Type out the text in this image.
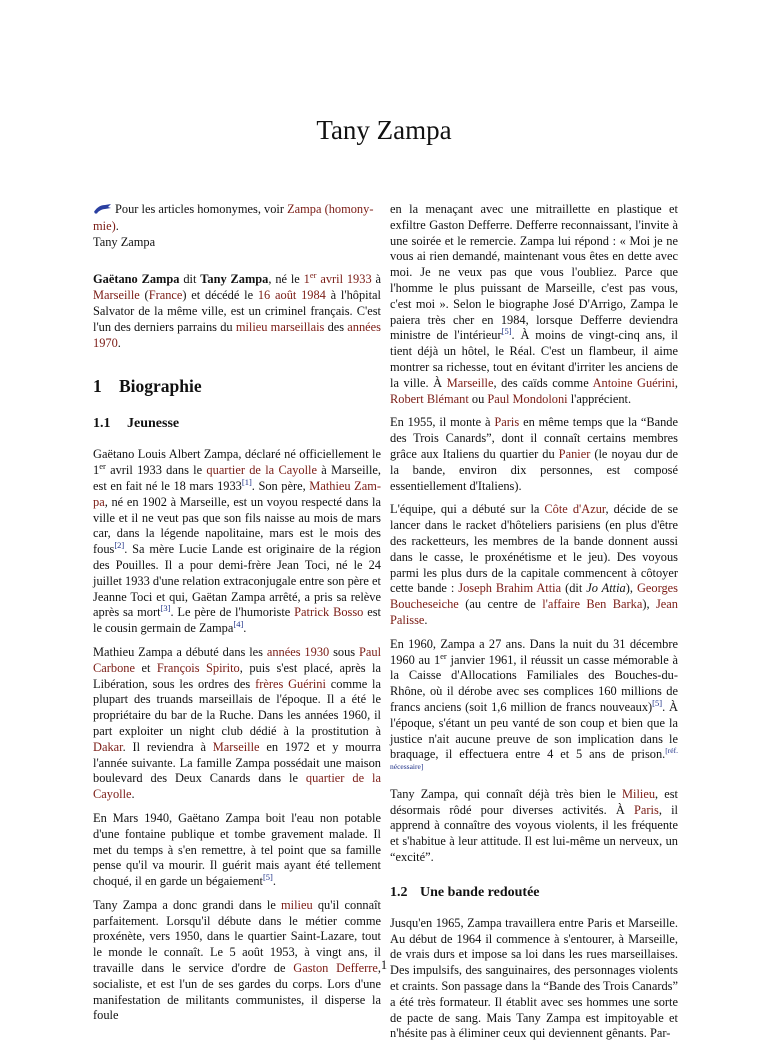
Tany Zampa

Pour les articles homonymes, voir Zampa (homony-mie).

Tany Zampa

Gaëtano Zampa dit Tany Zampa, né le 1er avril 1933 à Marseille (France) et décédé le 16 août 1984 à l'hôpital Salvator de la même ville, est un criminel français. C'est l'un des derniers parrains du milieu marseillais des années 1970.

1 Biographie
1.1 Jeunesse

Gaëtano Louis Albert Zampa, déclaré né officiellement le 1er avril 1933 dans le quartier de la Cayolle à Marseille, est en fait né le 18 mars 1933[1]. Son père, Mathieu Zam-pa, né en 1902 à Marseille, est un voyou respecté dans la ville et il ne veut pas que son fils naisse au mois de mars car, dans la légende napolitaine, mars est le mois des fous[2]. Sa mère Lucie Lande est originaire de la région des Pouilles. Il a pour demi-frère Jean Toci, né le 24 juillet 1933 d'une relation extraconjugale entre son père et Jeanne Toci et qui, Gaëtan Zampa arrêté, a pris sa relève après sa mort[3]. Le père de l'humoriste Patrick Bosso est le cousin germain de Zampa[4].

Mathieu Zampa a débuté dans les années 1930 sous Paul Carbone et François Spirito, puis s'est placé, après la Libération, sous les ordres des frères Guérini comme la plupart des truands marseillais de l'époque. Il a été le propriétaire du bar de la Ruche. Dans les années 1960, il part exploiter un night club dédié à la prostitution à Dakar. Il reviendra à Marseille en 1972 et y mourra l'année suivante. La famille Zampa possédait une maison boulevard des Deux Canards dans le quartier de la Cayolle.

En Mars 1940, Gaëtano Zampa boit l'eau non potable d'une fontaine publique et tombe gravement malade. Il met du temps à s'en remettre, à tel point que sa famille pense qu'il va mourir. Il guérit mais ayant été tellement choqué, il en garde un bégaiement[5].

Tany Zampa a donc grandi dans le milieu qu'il connaît parfaitement. Lorsqu'il débute dans le métier comme proxénète, vers 1950, dans le quartier Saint-Lazare, tout le monde le connaît. Le 5 août 1953, à vingt ans, il travaille dans le service d'ordre de Gaston Defferre, socialiste, et est l'un de ses gardes du corps. Lors d'une manifestation de militants communistes, il disperse la foule

en la menaçant avec une mitraillette en plastique et exfiltre Gaston Defferre. Defferre reconnaissant, l'invite à une soirée et le remercie. Zampa lui répond : « Moi je ne vous ai rien demandé, maintenant vous êtes en dette avec moi. Je ne veux pas que vous l'oubliez. Parce que l'homme le plus puissant de Marseille, c'est pas vous, c'est moi ». Selon le biographe José D'Arrigo, Zampa le paiera très cher en 1984, lorsque Defferre deviendra ministre de l'intérieur[5]. À moins de vingt-cinq ans, il tient déjà un hôtel, le Réal. C'est un flambeur, il aime montrer sa richesse, tout en évitant d'irriter les anciens de la ville. À Marseille, des caïds comme Antoine Guérini, Robert Blémant ou Paul Mondoloni l'apprécient.

En 1955, il monte à Paris en même temps que la “Bande des Trois Canards”, dont il connaît certains membres grâce aux Italiens du quartier du Panier (le noyau dur de la bande, environ dix personnes, est composé essentiellement d'Italiens).

L'équipe, qui a débuté sur la Côte d'Azur, décide de se lancer dans le racket d'hôteliers parisiens (en plus d'être des racketteurs, les membres de la bande donnent aussi dans le casse, le proxénétisme et le jeu). Des voyous parmi les plus durs de la capitale commencent à côtoyer cette bande : Joseph Brahim Attia (dit Jo Attia), Georges Boucheseiche (au centre de l'affaire Ben Barka), Jean Palisse.

En 1960, Zampa a 27 ans. Dans la nuit du 31 décembre 1960 au 1er janvier 1961, il réussit un casse mémorable à la Caisse d'Allocations Familiales des Bouches-du-Rhône, où il dérobe avec ses complices 160 millions de francs anciens (soit 1,6 million de francs nouveaux)[5]. À l'époque, s'étant un peu vanté de son coup et bien que la justice n'ait aucune preuve de son implication dans le braquage, il effectuera entre 4 et 5 ans de prison.[réf. nécessaire]

Tany Zampa, qui connaît déjà très bien le Milieu, est désormais rôdé pour diverses activités. À Paris, il apprend à connaître des voyous violents, il les fréquente et s'habitue à leur attitude. Il est lui-même un nerveux, un “excité”.

1.2 Une bande redoutée

Jusqu'en 1965, Zampa travaillera entre Paris et Marseille. Au début de 1964 il commence à s'entourer, à Marseille, de vrais durs et impose sa loi dans les rues marseillaises. Des impulsifs, des sanguinaires, des personnages violents et craints. Son passage dans la “Bande des Trois Canards” a été très formateur. Il établit avec ses hommes une sorte de pacte de sang. Mais Tany Zampa est impitoyable et n'hésite pas à éliminer ceux qui deviennent gênants. Par-

1
